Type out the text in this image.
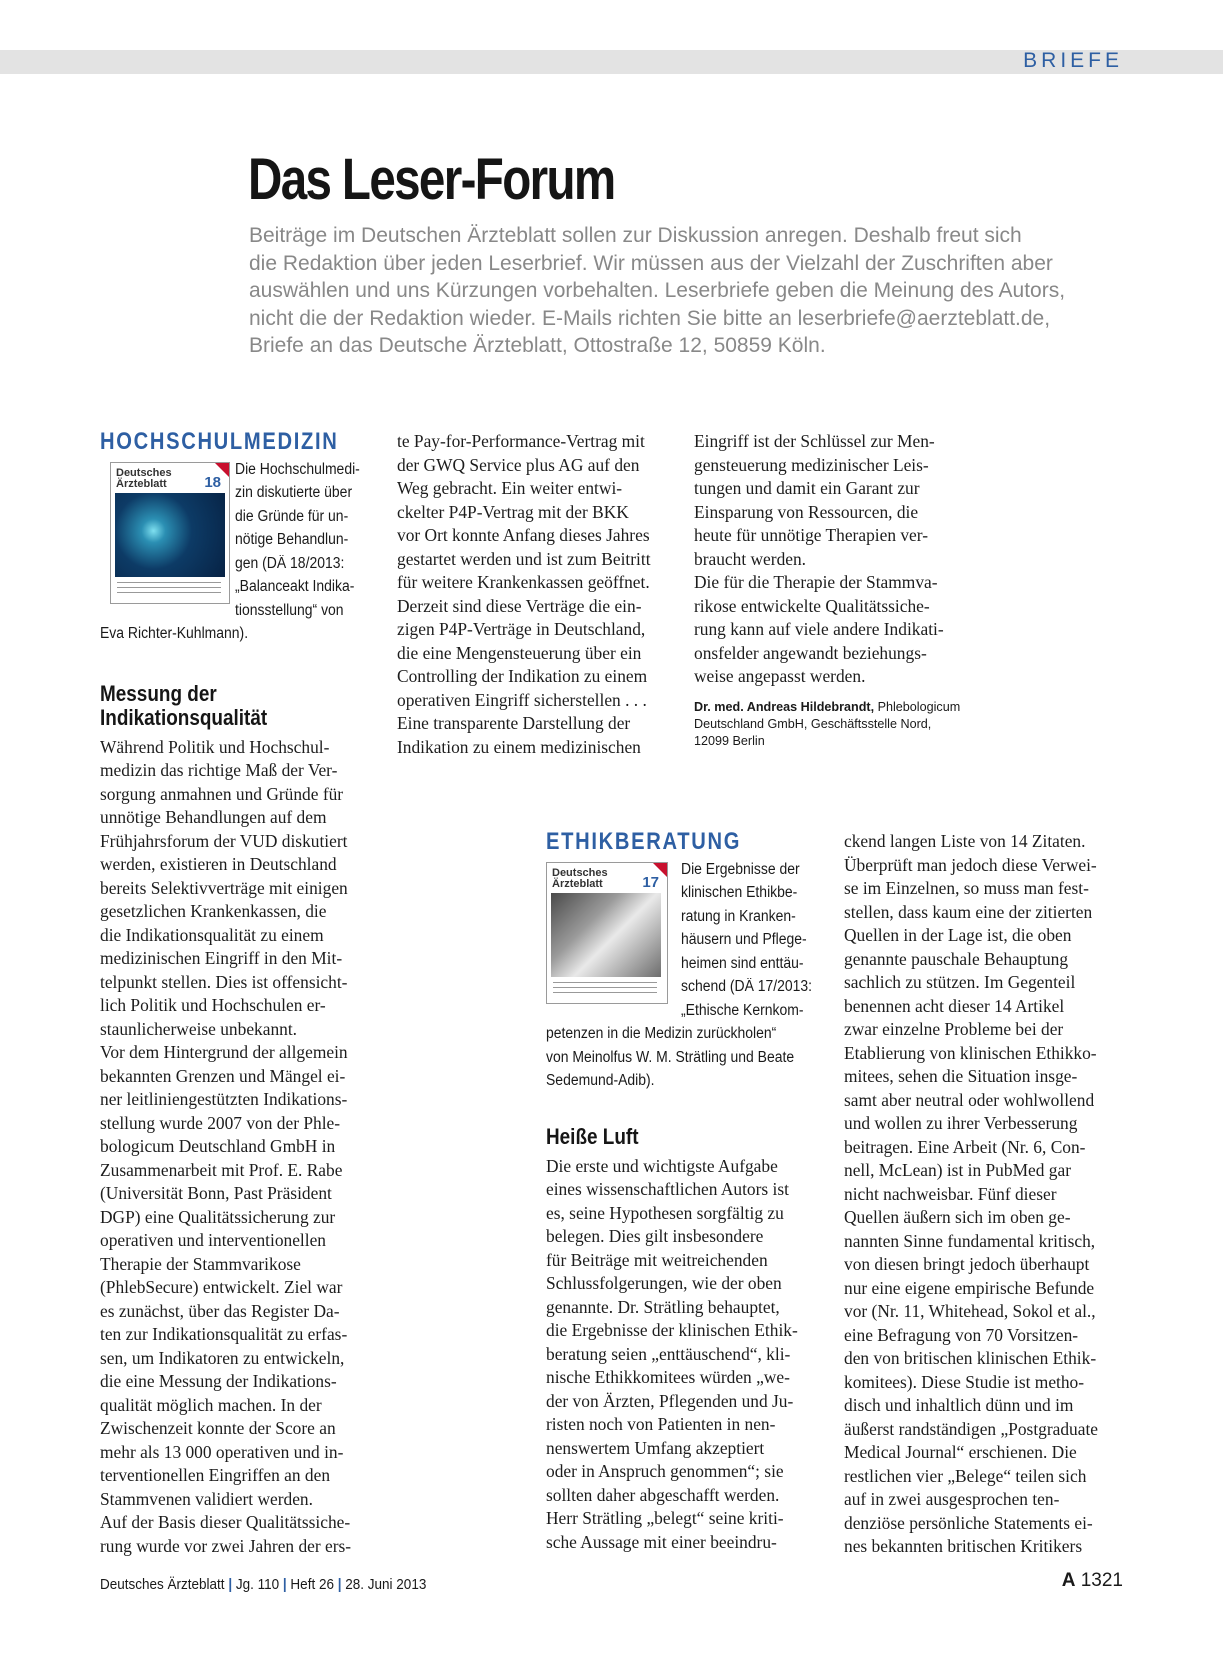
BRIEFE
Das Leser-Forum
Beiträge im Deutschen Ärzteblatt sollen zur Diskussion anregen. Deshalb freut sich
die Redaktion über jeden Leserbrief. Wir müssen aus der Vielzahl der Zuschriften aber
auswählen und uns Kürzungen vorbehalten. Leserbriefe geben die Meinung des Autors,
nicht die der Redaktion wieder. E-Mails richten Sie bitte an leserbriefe@aerzteblatt.de,
Briefe an das Deutsche Ärzteblatt, Ottostraße 12, 50859 Köln.
HOCHSCHULMEDIZIN
Deutsches
Ärzteblatt	18
Die Hochschulmedi-
zin diskutierte über
die Gründe für un-
nötige Behandlun-
gen (DÄ 18/2013:
„Balanceakt Indika-
tionsstellung“ von
Eva Richter-Kuhlmann).
Messung der
Indikationsqualität
Während Politik und Hochschul-
medizin das richtige Maß der Ver-
sorgung anmahnen und Gründe für
unnötige Behandlungen auf dem
Frühjahrsforum der VUD diskutiert
werden, existieren in Deutschland
bereits Selektivverträge mit einigen
gesetzlichen Krankenkassen, die
die Indikationsqualität zu einem
medizinischen Eingriff in den Mit-
telpunkt stellen. Dies ist offensicht-
lich Politik und Hochschulen er-
staunlicherweise unbekannt.
Vor dem Hintergrund der allgemein
bekannten Grenzen und Mängel ei-
ner leitliniengestützten Indikations-
stellung wurde 2007 von der Phle-
bologicum Deutschland GmbH in
Zusammenarbeit mit Prof. E. Rabe
(Universität Bonn, Past Präsident
DGP) eine Qualitätssicherung zur
operativen und interventionellen
Therapie der Stammvarikose
(PhlebSecure) entwickelt. Ziel war
es zunächst, über das Register Da-
ten zur Indikationsqualität zu erfas-
sen, um Indikatoren zu entwickeln,
die eine Messung der Indikations-
qualität möglich machen. In der
Zwischenzeit konnte der Score an
mehr als 13 000 operativen und in-
terventionellen Eingriffen an den
Stammvenen validiert werden.
Auf der Basis dieser Qualitätssiche-
rung wurde vor zwei Jahren der ers-
te Pay-for-Performance-Vertrag mit
der GWQ Service plus AG auf den
Weg gebracht. Ein weiter entwi-
ckelter P4P-Vertrag mit der BKK
vor Ort konnte Anfang dieses Jahres
gestartet werden und ist zum Beitritt
für weitere Krankenkassen geöffnet.
Derzeit sind diese Verträge die ein-
zigen P4P-Verträge in Deutschland,
die eine Mengensteuerung über ein
Controlling der Indikation zu einem
operativen Eingriff sicherstellen . . .
Eine transparente Darstellung der
Indikation zu einem medizinischen
Eingriff ist der Schlüssel zur Men-
gensteuerung medizinischer Leis-
tungen und damit ein Garant zur
Einsparung von Ressourcen, die
heute für unnötige Therapien ver-
braucht werden.
Die für die Therapie der Stammva-
rikose entwickelte Qualitätssiche-
rung kann auf viele andere Indikati-
onsfelder angewandt beziehungs-
weise angepasst werden.
Dr. med. Andreas Hildebrandt, Phlebologicum
Deutschland GmbH, Geschäftsstelle Nord,
12099 Berlin
ETHIKBERATUNG
Deutsches
Ärzteblatt	17
Die Ergebnisse der
klinischen Ethikbe-
ratung in Kranken-
häusern und Pflege-
heimen sind enttäu-
schend (DÄ 17/2013:
„Ethische Kernkom-
petenzen in die Medizin zurückholen“
von Meinolfus W. M. Strätling und Beate
Sedemund-Adib).
Heiße Luft
Die erste und wichtigste Aufgabe
eines wissenschaftlichen Autors ist
es, seine Hypothesen sorgfältig zu
belegen. Dies gilt insbesondere
für Beiträge mit weitreichenden
Schlussfolgerungen, wie der oben
genannte. Dr. Strätling behauptet,
die Ergebnisse der klinischen Ethik-
beratung seien „enttäuschend“, kli-
nische Ethikkomitees würden „we-
der von Ärzten, Pflegenden und Ju-
risten noch von Patienten in nen-
nenswertem Umfang akzeptiert
oder in Anspruch genommen“; sie
sollten daher abgeschafft werden.
Herr Strätling „belegt“ seine kriti-
sche Aussage mit einer beeindru-
ckend langen Liste von 14 Zitaten.
Überprüft man jedoch diese Verwei-
se im Einzelnen, so muss man fest-
stellen, dass kaum eine der zitierten
Quellen in der Lage ist, die oben
genannte pauschale Behauptung
sachlich zu stützen. Im Gegenteil
benennen acht dieser 14 Artikel
zwar einzelne Probleme bei der
Etablierung von klinischen Ethikko-
mitees, sehen die Situation insge-
samt aber neutral oder wohlwollend
und wollen zu ihrer Verbesserung
beitragen. Eine Arbeit (Nr. 6, Con-
nell, McLean) ist in PubMed gar
nicht nachweisbar. Fünf dieser
Quellen äußern sich im oben ge-
nannten Sinne fundamental kritisch,
von diesen bringt jedoch überhaupt
nur eine eigene empirische Befunde
vor (Nr. 11, Whitehead, Sokol et al.,
eine Befragung von 70 Vorsitzen-
den von britischen klinischen Ethik-
komitees). Diese Studie ist metho-
disch und inhaltlich dünn und im
äußerst randständigen „Postgraduate
Medical Journal“ erschienen. Die
restlichen vier „Belege“ teilen sich
auf in zwei ausgesprochen ten-
denziöse persönliche Statements ei-
nes bekannten britischen Kritikers
Deutsches Ärzteblatt | Jg. 110 | Heft 26 | 28. Juni 2013	A 1321
